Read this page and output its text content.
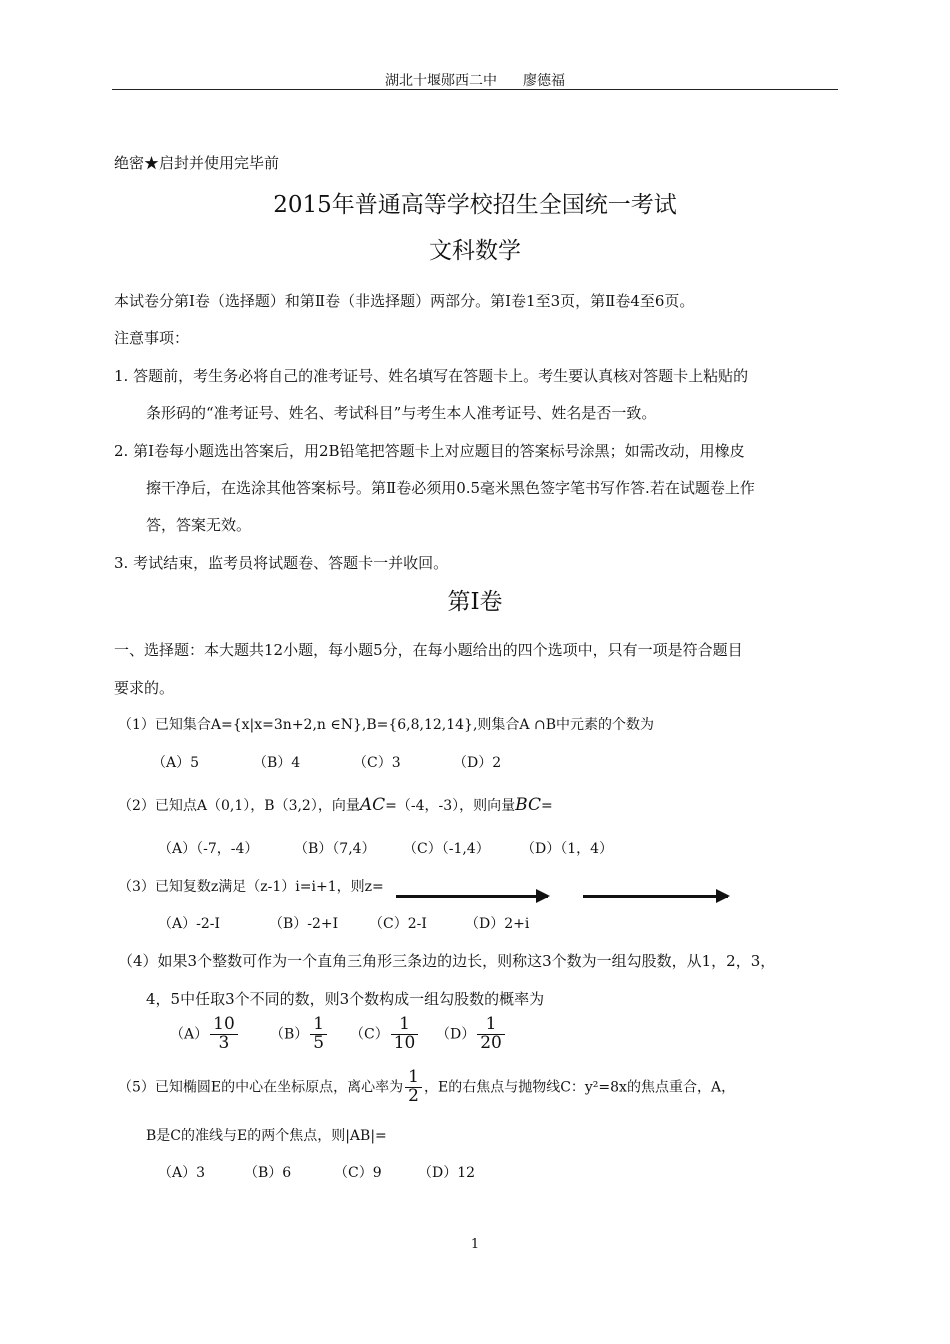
湖北十堰郧西二中 廖德福
绝密★启封并使用完毕前
2015年普通高等学校招生全国统一考试
文科数学
本试卷分第Ⅰ卷（选择题）和第Ⅱ卷（非选择题）两部分。第Ⅰ卷1至3页，第Ⅱ卷4至6页。
注意事项：
1. 答题前，考生务必将自己的准考证号、姓名填写在答题卡上。考生要认真核对答题卡上粘贴的
条形码的“准考证号、姓名、考试科目”与考生本人准考证号、姓名是否一致。
2. 第Ⅰ卷每小题选出答案后，用2B铅笔把答题卡上对应题目的答案标号涂黑；如需改动，用橡皮
擦干净后，在选涂其他答案标号。第Ⅱ卷必须用0.5毫米黑色签字笔书写作答.若在试题卷上作
答，答案无效。
3. 考试结束，监考员将试题卷、答题卡一并收回。
第Ⅰ卷
一、选择题：本大题共12小题，每小题5分，在每小题给出的四个选项中，只有一项是符合题目
要求的。
（1）已知集合A={x|x=3n+2,n ∈N},B={6,8,12,14},则集合A ∩B中元素的个数为
（A）5	（B）4	（C）3	（D）2
（2）已知点A（0,1），B（3,2），向量AC=（-4，-3），则向量BC=
（A）（-7，-4）	（B）（7,4） （C）（-1,4） （D）（1，4）
（3）已知复数z满足（z-1）i=i+1，则z=
（A）-2-I	（B）-2+I （C）2-I	（D）2+i
（4）如果3个整数可作为一个直角三角形三条边的边长，则称这3个数为一组勾股数，从1，2，3，
4，5中任取3个不同的数，则3个数构成一组勾股数的概率为
$(A) \frac{10}{3} (B) \frac{1}{5} (C) \frac{1}{10} (D) \frac{1}{20}$
（5）已知椭圆E的中心在坐标原点，离心率为 $\frac{1}{2}$ ，E的右焦点与抛物线C：y²=8x的焦点重合，A，
B是C的准线与E的两个焦点，则|AB|=
（A）3	（B）6	（C）9	（D）12
1
